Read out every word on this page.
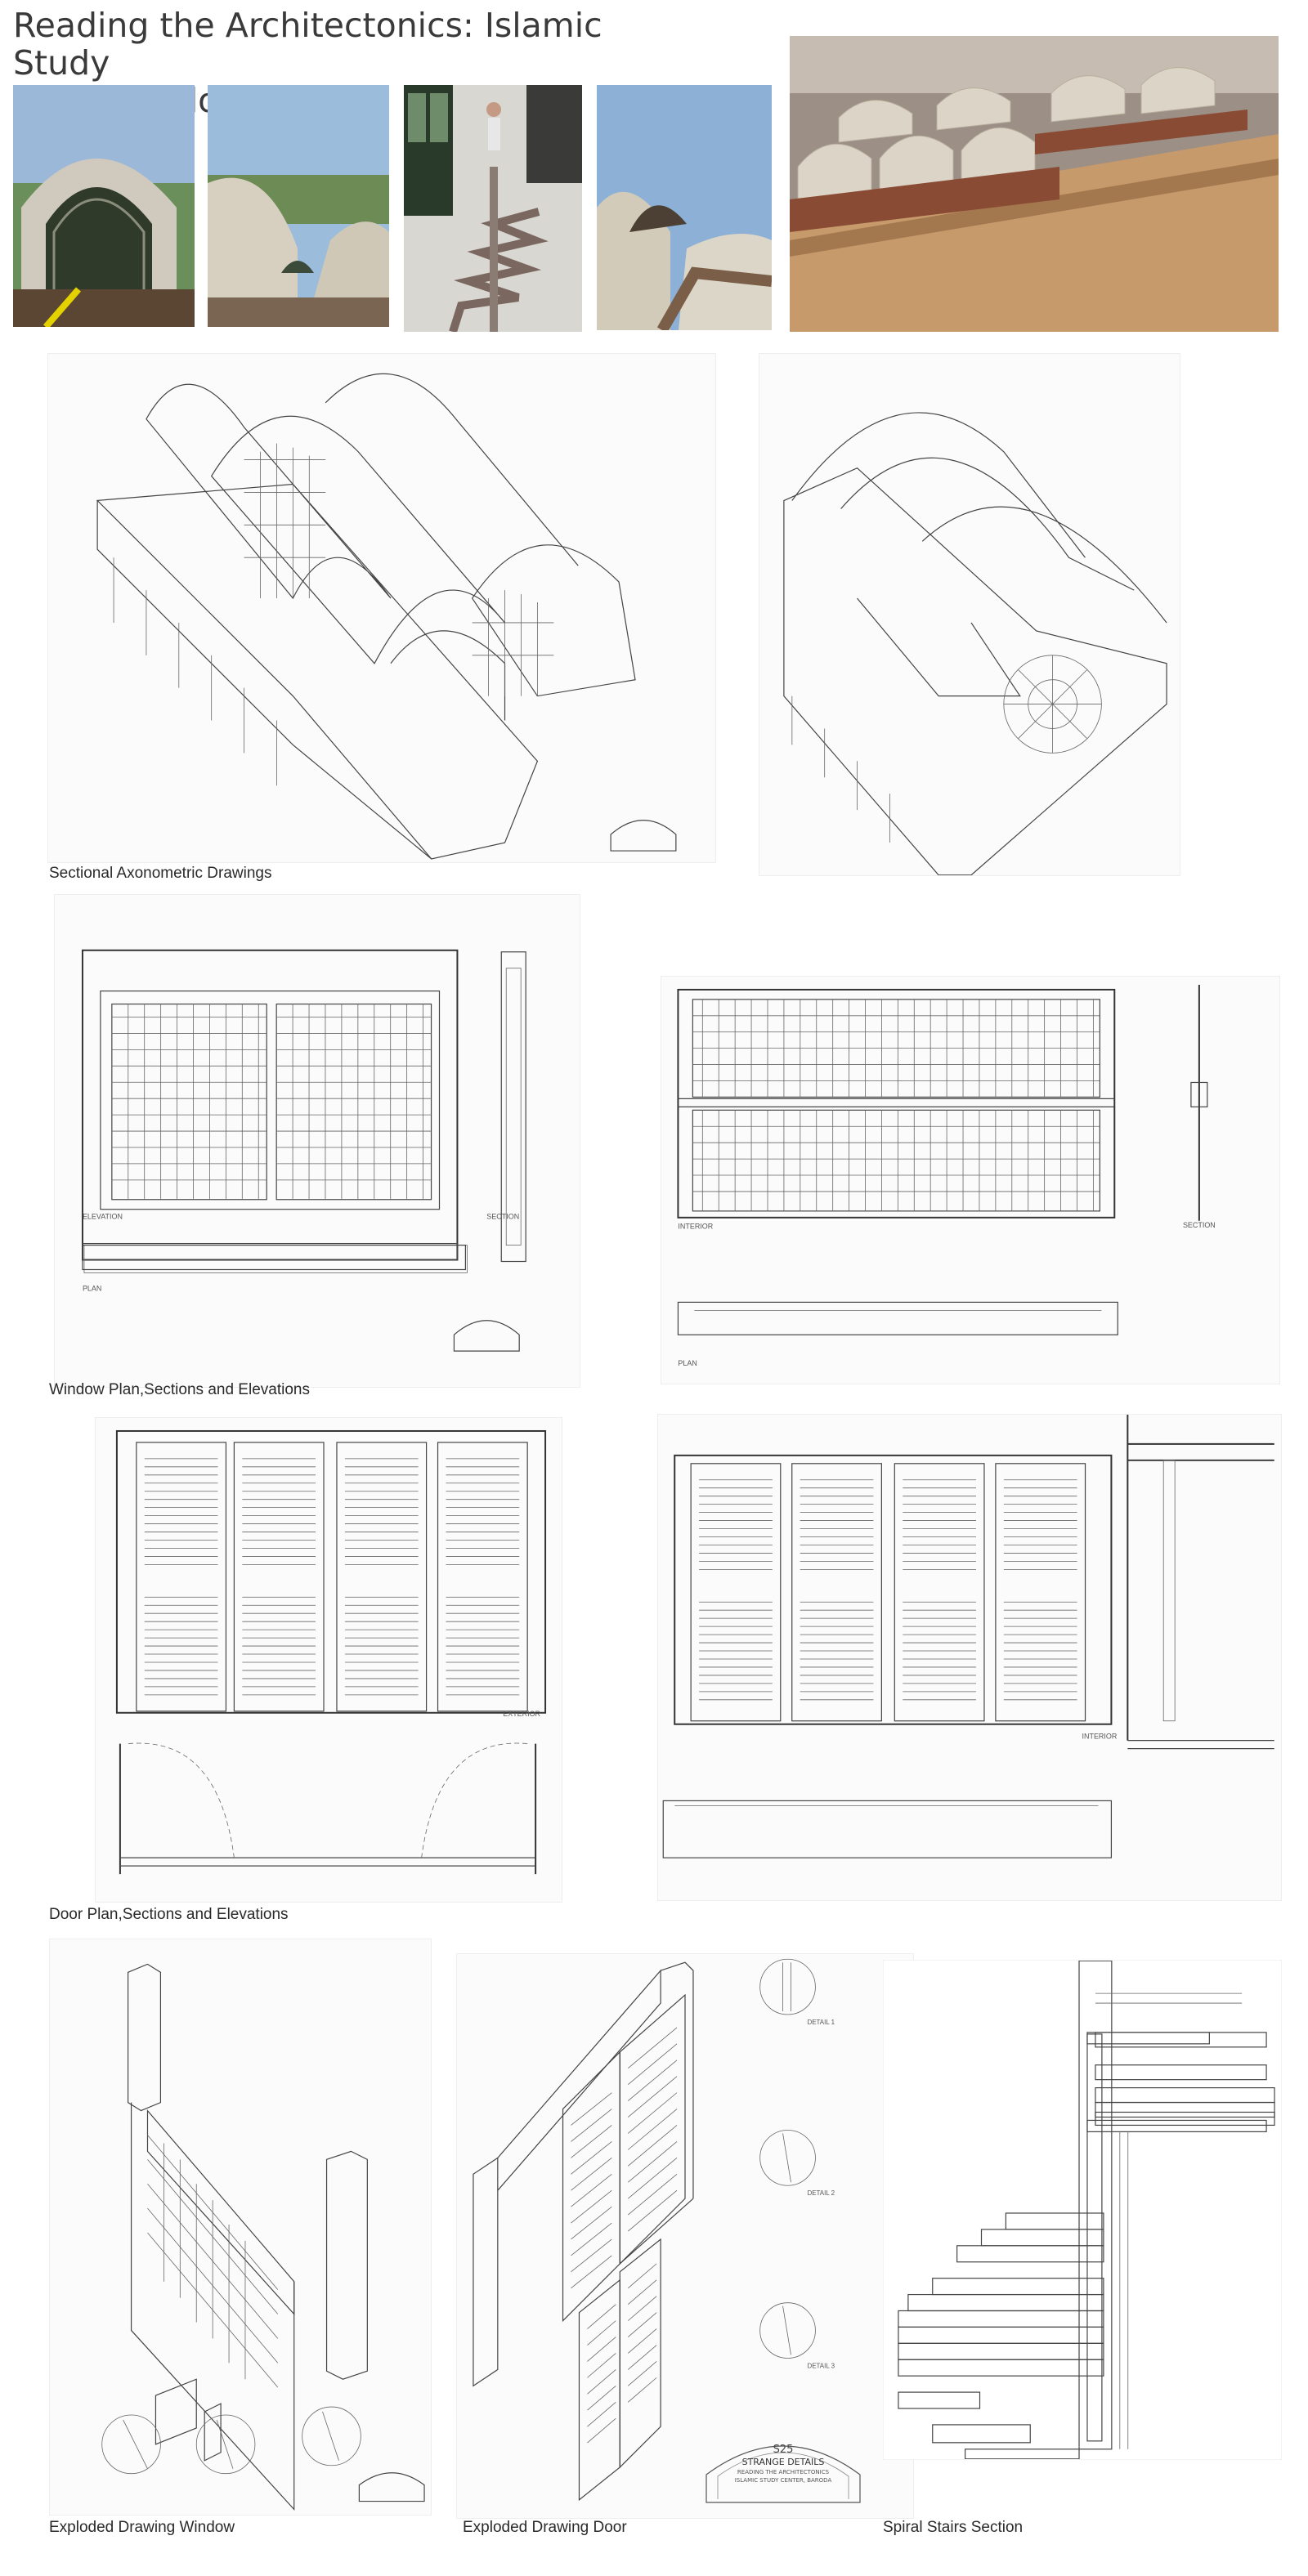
Reading the Architectonics: Islamic Study
Vadodra
Sectional Axonometric Drawings
ELEVATION	SECTION
PLAN
INTERIOR	SECTION
PLAN
Window Plan,Sections and Elevations
EXTERIOR
INTERIOR
Door Plan,Sections and Elevations
DETAIL 1
DETAIL 2
DETAIL 3
S25
STRANGE DETAILS
READING THE ARCHITECTONICS
ISLAMIC STUDY CENTER, BARODA
Exploded Drawing Window	Exploded Drawing Door	Spiral Stairs Section
